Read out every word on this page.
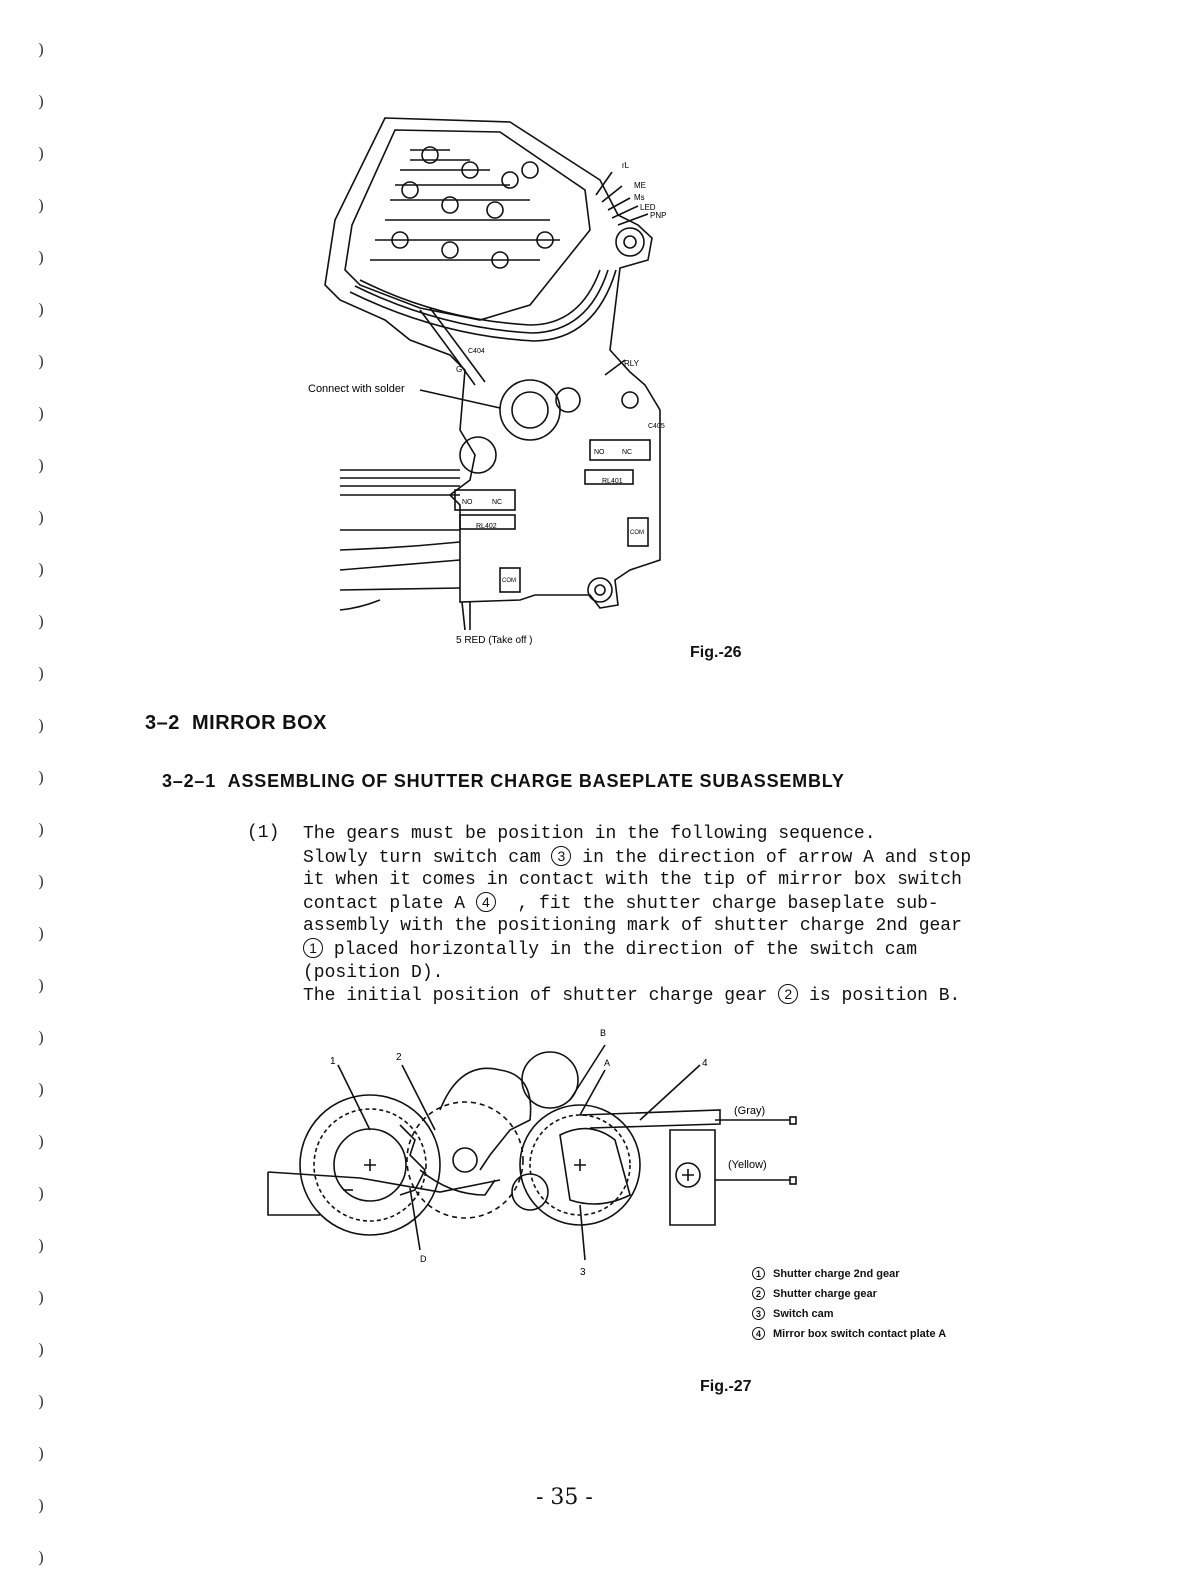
)
)
)
)
)
)
)
)
)
)
)
)
)
)
)
)
)
)
)
)
)
)
)
)
)
)
)
)
)
)
Connect with solder
G
rL
ME
Ms
LED
PNP
RLY
C404
C405
RL401
RL402
NO	NC
NO	NC
COM
COM
5 RED (Take off )
Fig.-26
3–2 MIRROR BOX
3–2–1 ASSEMBLING OF SHUTTER CHARGE BASEPLATE SUBASSEMBLY
(1) The gears must be position in the following sequence.
Slowly turn switch cam 3 in the direction of arrow A and stop
it when it comes in contact with the tip of mirror box switch
contact plate A 4 , fit the shutter charge baseplate sub-
assembly with the positioning mark of shutter charge 2nd gear
1 placed horizontally in the direction of the switch cam
(position D).
The initial position of shutter charge gear 2 is position B.
1	2
B
A	4
(Gray)
(Yellow)
D
3	1 Shutter charge 2nd gear
2 Shutter charge gear
3 Switch cam
4 Mirror box switch contact plate A
Fig.-27
- 35 -
